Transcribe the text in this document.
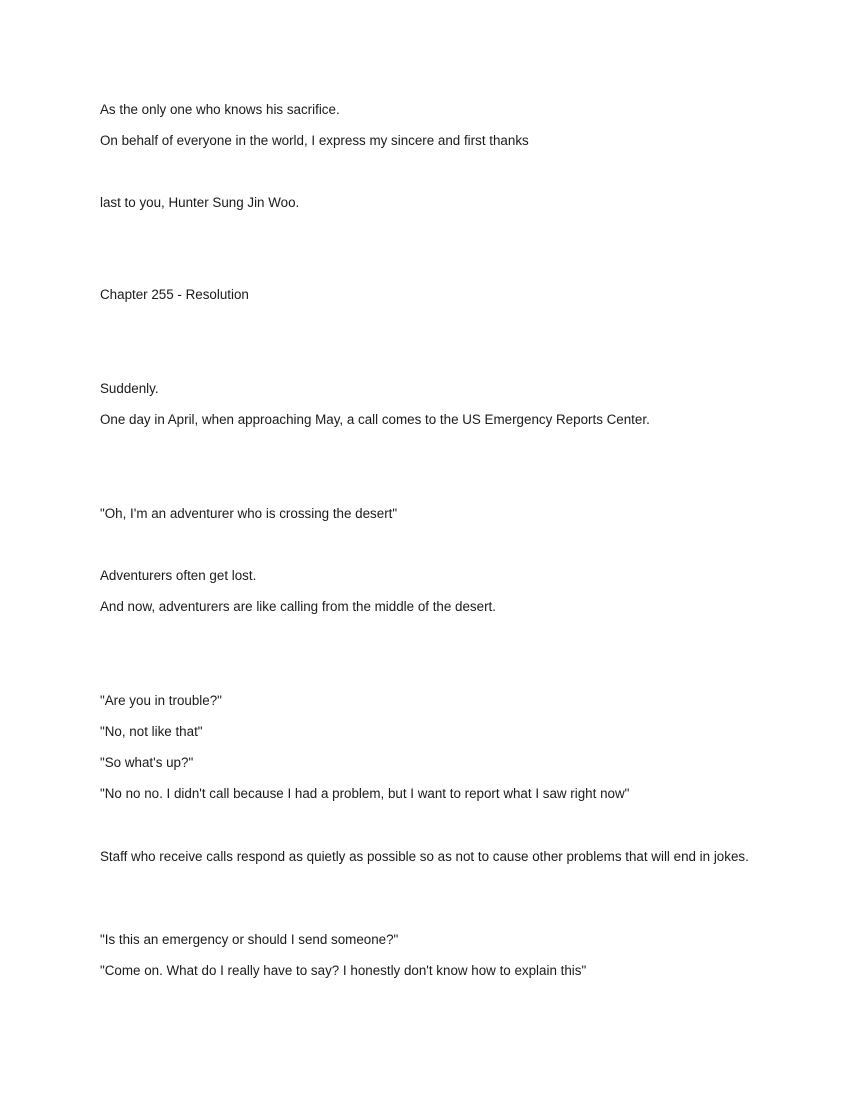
As the only one who knows his sacrifice.

On behalf of everyone in the world, I express my sincere and first thanks

last to you, Hunter Sung Jin Woo.

Chapter 255 - Resolution

Suddenly.

One day in April, when approaching May, a call comes to the US Emergency Reports Center.

"Oh, I'm an adventurer who is crossing the desert"

Adventurers often get lost.

And now, adventurers are like calling from the middle of the desert.

"Are you in trouble?"

"No, not like that"

"So what's up?"

"No no no. I didn't call because I had a problem, but I want to report what I saw right now"

Staff who receive calls respond as quietly as possible so as not to cause other problems that will end in jokes.

"Is this an emergency or should I send someone?"

"Come on. What do I really have to say? I honestly don't know how to explain this"
